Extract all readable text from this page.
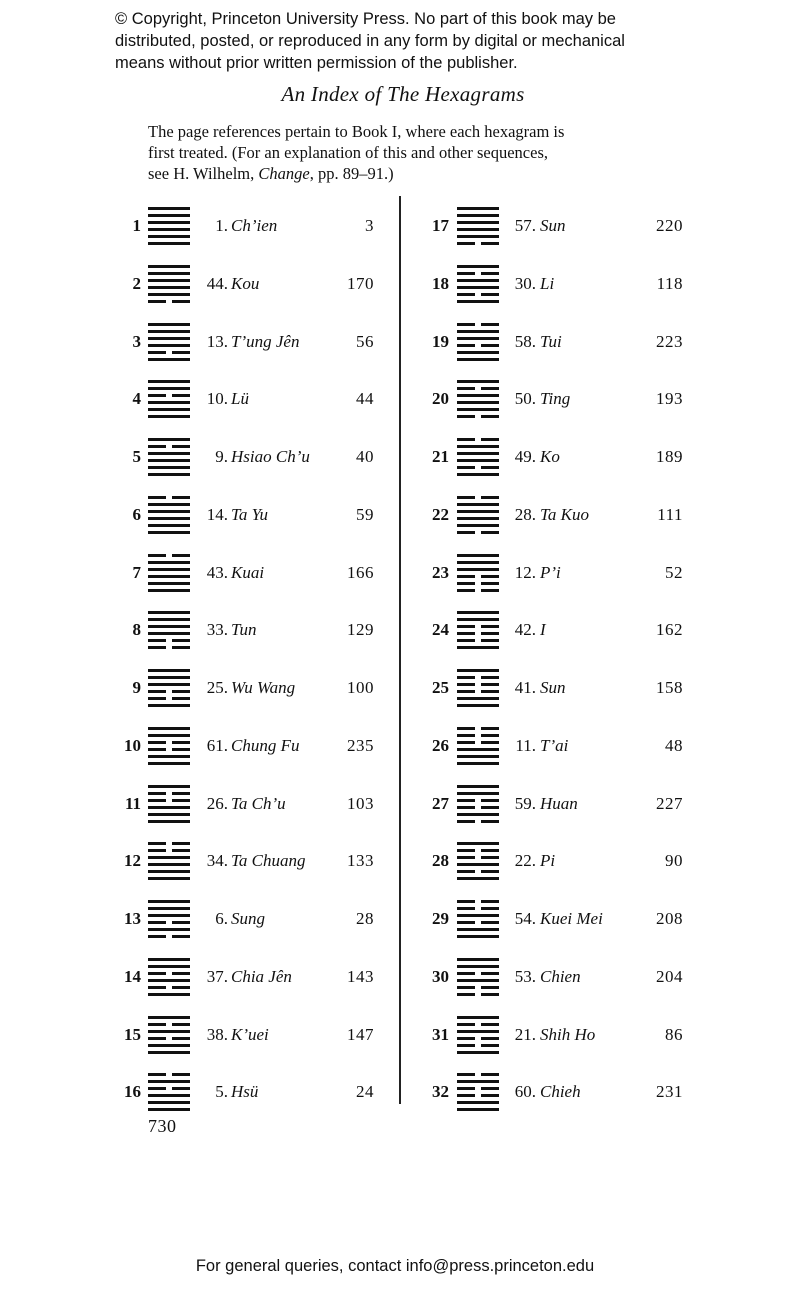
© Copyright, Princeton University Press. No part of this book may be
distributed, posted, or reproduced in any form by digital or mechanical
means without prior written permission of the publisher.
An Index of The Hexagrams
The page references pertain to Book I, where each hexagram is
first treated. (For an explanation of this and other sequences,
see H. Wilhelm, Change, pp. 89–91.)
1	1. Ch’ien	3
2	44. Kou	170
3	13. T’ung Jên	56
4	10. Lü	44
5	9. Hsiao Ch’u	40
6	14. Ta Yu	59
7	43. Kuai	166
8	33. Tun	129
9	25. Wu Wang	100
10	61. Chung Fu	235
11	26. Ta Ch’u	103
12	34. Ta Chuang	133
13	6. Sung	28
14	37. Chia Jên	143
15	38. K’uei	147
16	5. Hsü	24
17	57. Sun	220
18	30. Li	118
19	58. Tui	223
20	50. Ting	193
21	49. Ko	189
22	28. Ta Kuo	111
23	12. P’i	52
24	42. I	162
25	41. Sun	158
26	11. T’ai	48
27	59. Huan	227
28	22. Pi	90
29	54. Kuei Mei	208
30	53. Chien	204
31	21. Shih Ho	86
32	60. Chieh	231
730
For general queries, contact info@press.princeton.edu
